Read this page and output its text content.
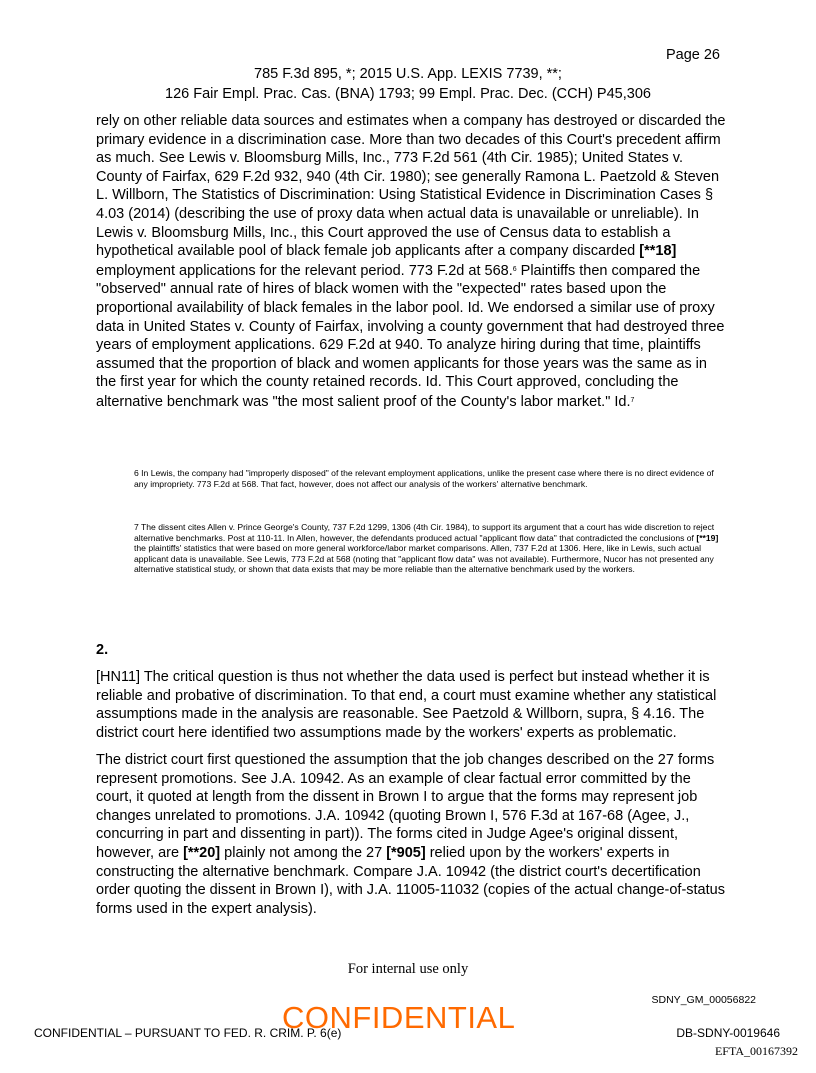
Page 26
785 F.3d 895, *; 2015 U.S. App. LEXIS 7739, **;
126 Fair Empl. Prac. Cas. (BNA) 1793; 99 Empl. Prac. Dec. (CCH) P45,306

rely on other reliable data sources and estimates when a company has destroyed or discarded the primary evidence in a discrimination case. More than two decades of this Court's precedent affirm as much. See Lewis v. Bloomsburg Mills, Inc., 773 F.2d 561 (4th Cir. 1985); United States v. County of Fairfax, 629 F.2d 932, 940 (4th Cir. 1980); see generally Ramona L. Paetzold & Steven L. Willborn, The Statistics of Discrimination: Using Statistical Evidence in Discrimination Cases § 4.03 (2014) (describing the use of proxy data when actual data is unavailable or unreliable). In Lewis v. Bloomsburg Mills, Inc., this Court approved the use of Census data to establish a hypothetical available pool of black female job applicants after a company discarded [**18] employment applications for the relevant period. 773 F.2d at 568.$^6$ Plaintiffs then compared the "observed" annual rate of hires of black women with the "expected" rates based upon the proportional availability of black females in the labor pool. Id. We endorsed a similar use of proxy data in United States v. County of Fairfax, involving a county government that had destroyed three years of employment applications. 629 F.2d at 940. To analyze hiring during that time, plaintiffs assumed that the proportion of black and women applicants for those years was the same as in the first year for which the county retained records. Id. This Court approved, concluding the alternative benchmark was "the most salient proof of the County's labor market." Id.$^7$

6 In Lewis, the company had "improperly disposed" of the relevant employment applications, unlike the present case where there is no direct evidence of any impropriety. 773 F.2d at 568. That fact, however, does not affect our analysis of the workers' alternative benchmark.

7 The dissent cites Allen v. Prince George's County, 737 F.2d 1299, 1306 (4th Cir. 1984), to support its argument that a court has wide discretion to reject alternative benchmarks. Post at 110-11. In Allen, however, the defendants produced actual "applicant flow data" that contradicted the conclusions of [**19] the plaintiffs' statistics that were based on more general workforce/labor market comparisons. Allen, 737 F.2d at 1306. Here, like in Lewis, such actual applicant data is unavailable. See Lewis, 773 F.2d at 568 (noting that "applicant flow data" was not available). Furthermore, Nucor has not presented any alternative statistical study, or shown that data exists that may be more reliable than the alternative benchmark used by the workers.

2.

[HN11] The critical question is thus not whether the data used is perfect but instead whether it is reliable and probative of discrimination. To that end, a court must examine whether any statistical assumptions made in the analysis are reasonable. See Paetzold & Willborn, supra, § 4.16. The district court here identified two assumptions made by the workers' experts as problematic.

The district court first questioned the assumption that the job changes described on the 27 forms represent promotions. See J.A. 10942. As an example of clear factual error committed by the court, it quoted at length from the dissent in Brown I to argue that the forms may represent job changes unrelated to promotions. J.A. 10942 (quoting Brown I, 576 F.3d at 167-68 (Agee, J., concurring in part and dissenting in part)). The forms cited in Judge Agee's original dissent, however, are [**20] plainly not among the 27 [*905] relied upon by the workers' experts in constructing the alternative benchmark. Compare J.A. 10942 (the district court's decertification order quoting the dissent in Brown I), with J.A. 11005-11032 (copies of the actual change-of-status forms used in the expert analysis).

For internal use only
SDNY_GM_00056822
CONFIDENTIAL – PURSUANT TO FED. R. CRIM. P. 6(e)
CONFIDENTIAL	DB-SDNY-0019646
EFTA_00167392
